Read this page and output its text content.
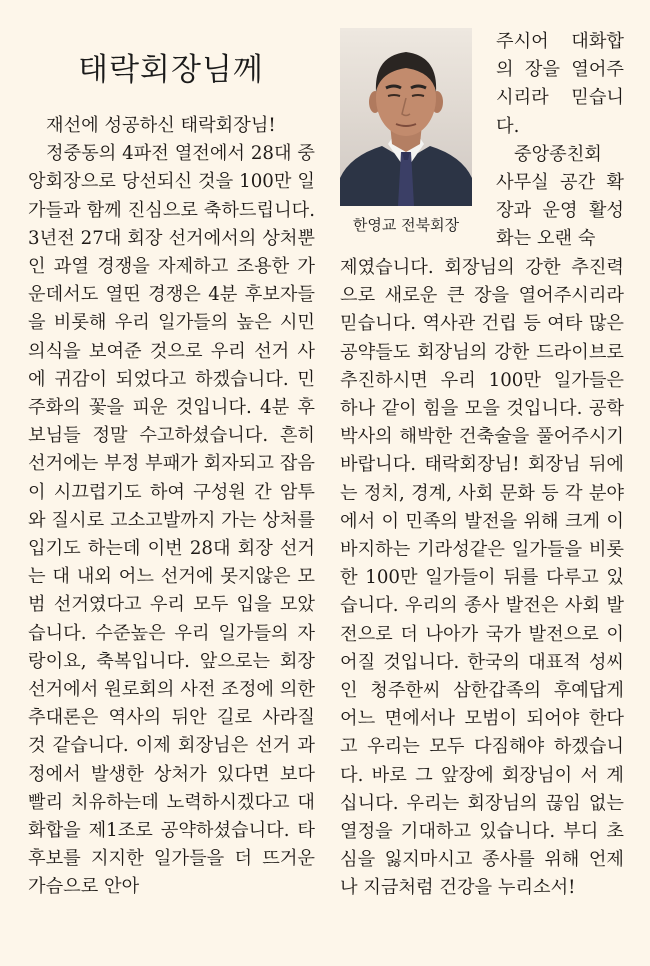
태락회장님께

재선에 성공하신 태락회장님!

정중동의 4파전 열전에서 28대 중앙회장으로 당선되신 것을 100만 일가들과 함께 진심으로 축하드립니다. 3년전 27대 회장 선거에서의 상처뿐인 과열 경쟁을 자제하고 조용한 가운데서도 열띤 경쟁은 4분 후보자들을 비롯해 우리 일가들의 높은 시민의식을 보여준 것으로 우리 선거 사에 귀감이 되었다고 하겠습니다. 민주화의 꽃을 피운 것입니다. 4분 후보님들 정말 수고하셨습니다. 흔히 선거에는 부정 부패가 회자되고 잡음이 시끄럽기도 하여 구성원 간 암투와 질시로 고소고발까지 가는 상처를 입기도 하는데 이번 28대 회장 선거는 대 내외 어느 선거에 못지않은 모범 선거였다고 우리 모두 입을 모았습니다. 수준높은 우리 일가들의 자랑이요, 축복입니다. 앞으로는 회장 선거에서 원로회의 사전 조정에 의한 추대론은 역사의 뒤안 길로 사라질 것 같습니다. 이제 회장님은 선거 과정에서 발생한 상처가 있다면 보다 빨리 치유하는데 노력하시겠다고 대화합을 제1조로 공약하셨습니다. 타 후보를 지지한 일가들을 더 뜨거운 가슴으로 안아

한영교 전북회장

주시어 대화합의 장을 열어주시리라 믿습니다.

중앙종친회 사무실 공간 확장과 운영 활성화는 오랜 숙

제였습니다. 회장님의 강한 추진력으로 새로운 큰 장을 열어주시리라 믿습니다. 역사관 건립 등 여타 많은 공약들도 회장님의 강한 드라이브로 추진하시면 우리 100만 일가들은 하나 같이 힘을 모을 것입니다. 공학 박사의 해박한 건축술을 풀어주시기 바랍니다. 태락회장님! 회장님 뒤에는 정치, 경계, 사회 문화 등 각 분야에서 이 민족의 발전을 위해 크게 이바지하는 기라성같은 일가들을 비롯한 100만 일가들이 뒤를 다루고 있습니다. 우리의 종사 발전은 사회 발전으로 더 나아가 국가 발전으로 이어질 것입니다. 한국의 대표적 성씨인 청주한씨 삼한갑족의 후예답게 어느 면에서나 모범이 되어야 한다고 우리는 모두 다짐해야 하겠습니다. 바로 그 앞장에 회장님이 서 계십니다. 우리는 회장님의 끊임 없는 열정을 기대하고 있습니다. 부디 초심을 잃지마시고 종사를 위해 언제나 지금처럼 건강을 누리소서!
